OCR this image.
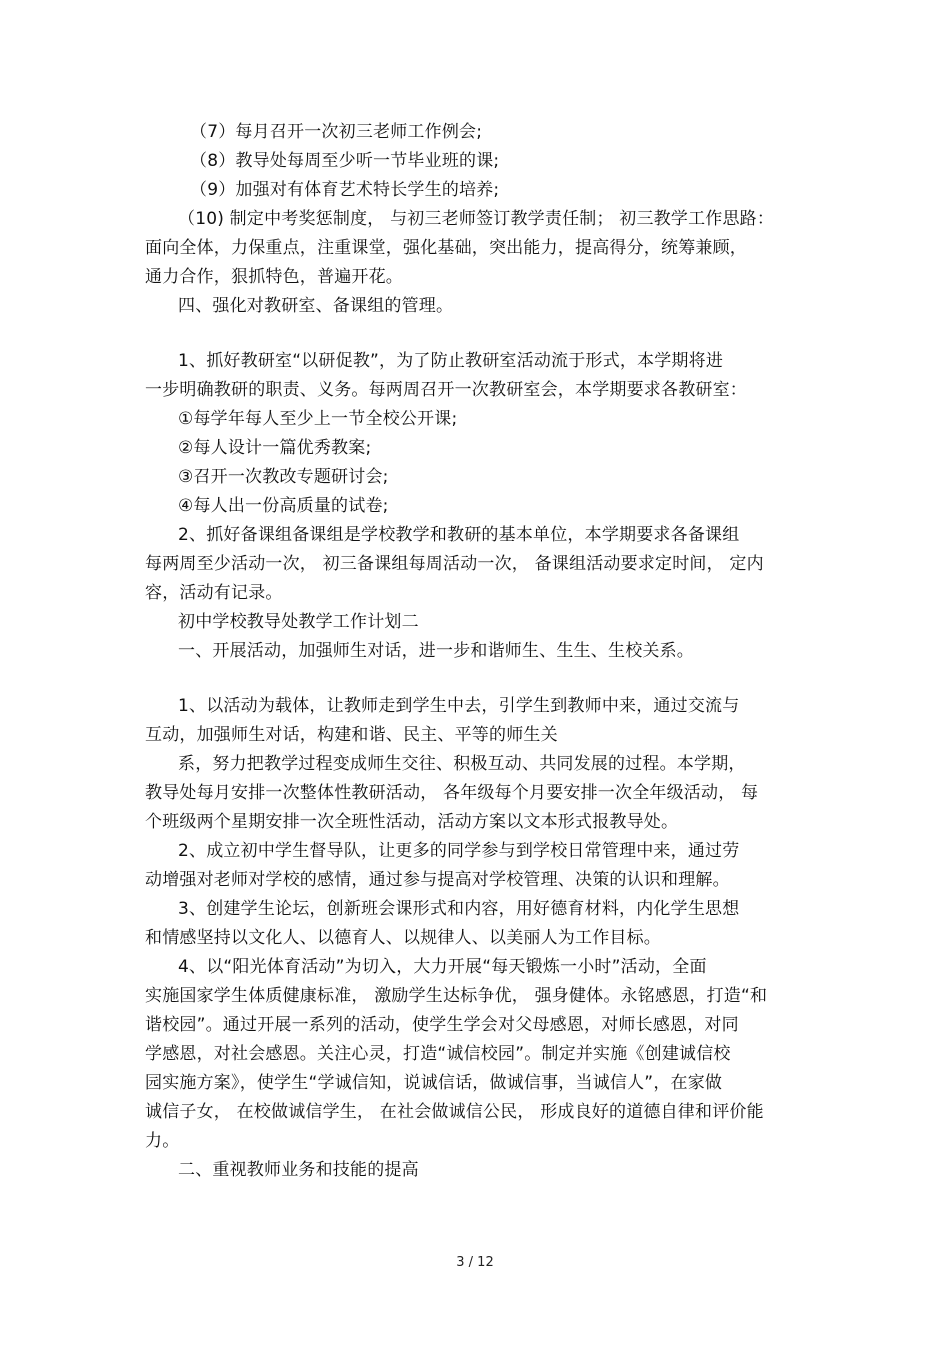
（7）每月召开一次初三老师工作例会;
（8）教导处每周至少听一节毕业班的课;
（9）加强对有体育艺术特长学生的培养;
（10) 制定中考奖惩制度， 与初三老师签订教学责任制； 初三教学工作思路：
面向全体，力保重点，注重课堂，强化基础，突出能力，提高得分，统筹兼顾，
通力合作，狠抓特色，普遍开花。
四、强化对教研室、备课组的管理。
1、抓好教研室“以研促教”，为了防止教研室活动流于形式，本学期将进
一步明确教研的职责、义务。每两周召开一次教研室会，本学期要求各教研室：
①每学年每人至少上一节全校公开课;
②每人设计一篇优秀教案;
③召开一次教改专题研讨会;
④每人出一份高质量的试卷;
2、抓好备课组备课组是学校教学和教研的基本单位，本学期要求各备课组
每两周至少活动一次， 初三备课组每周活动一次， 备课组活动要求定时间， 定内
容，活动有记录。
初中学校教导处教学工作计划二
一、开展活动，加强师生对话，进一步和谐师生、生生、生校关系。
1、以活动为载体，让教师走到学生中去，引学生到教师中来，通过交流与
互动，加强师生对话，构建和谐、民主、平等的师生关
系，努力把教学过程变成师生交往、积极互动、共同发展的过程。本学期，
教导处每月安排一次整体性教研活动， 各年级每个月要安排一次全年级活动， 每
个班级两个星期安排一次全班性活动，活动方案以文本形式报教导处。
2、成立初中学生督导队，让更多的同学参与到学校日常管理中来，通过劳
动增强对老师对学校的感情，通过参与提高对学校管理、决策的认识和理解。
3、创建学生论坛，创新班会课形式和内容，用好德育材料，内化学生思想
和情感坚持以文化人、以德育人、以规律人、以美丽人为工作目标。
4、以“阳光体育活动”为切入，大力开展“每天锻炼一小时”活动，全面
实施国家学生体质健康标准， 激励学生达标争优， 强身健体。永铭感恩，打造“和
谐校园”。通过开展一系列的活动，使学生学会对父母感恩，对师长感恩，对同
学感恩，对社会感恩。关注心灵，打造“诚信校园”。制定并实施《创建诚信校
园实施方案》，使学生“学诚信知，说诚信话，做诚信事，当诚信人”，在家做
诚信子女， 在校做诚信学生， 在社会做诚信公民， 形成良好的道德自律和评价能
力。
二、重视教师业务和技能的提高
3 / 12
